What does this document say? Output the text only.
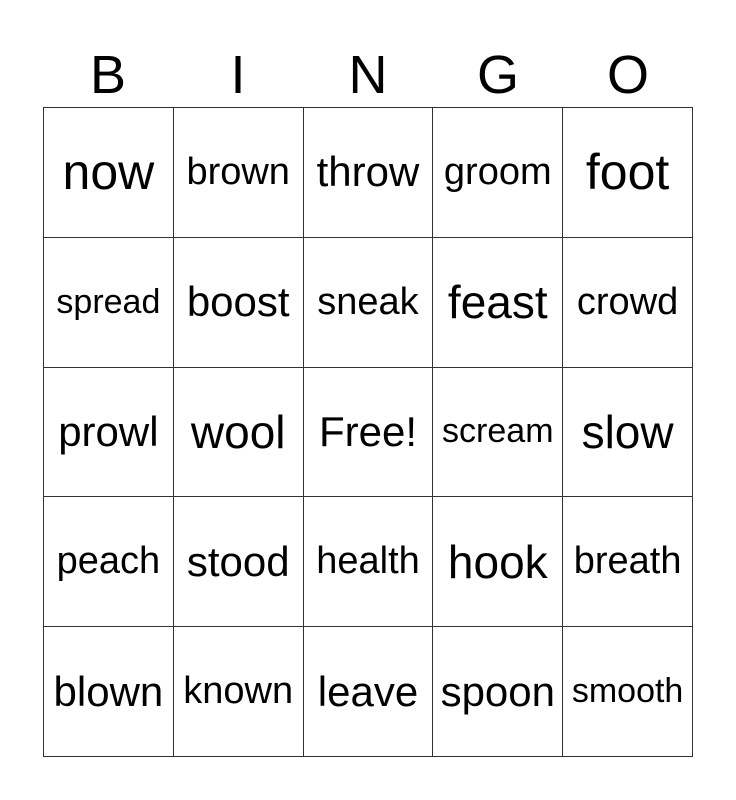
B	I	N	G	O
now brown throw groom foot
spread boost sneak feast crowd
prowl wool Free! scream slow
peach stood health hook breath
blown known leave spoon smooth
